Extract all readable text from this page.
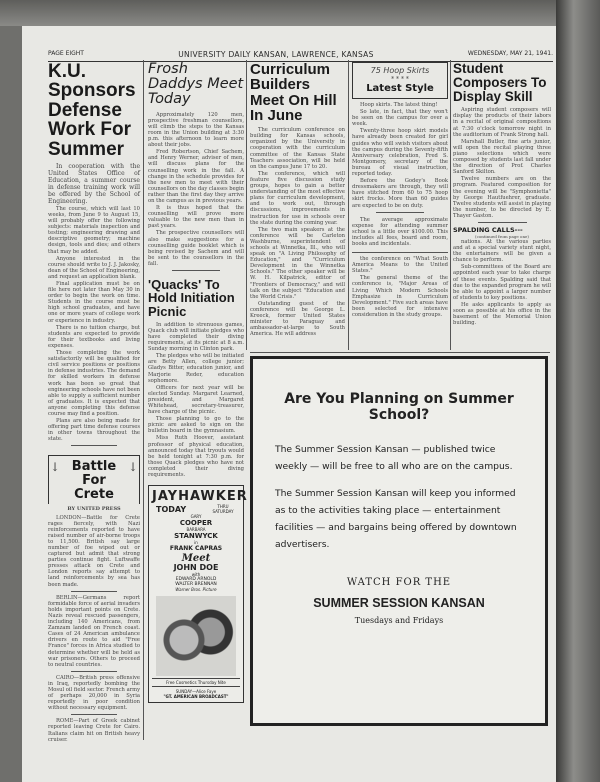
PAGE EIGHT	UNIVERSITY DAILY KANSAN, LAWRENCE, KANSAS	WEDNESDAY, MAY 21, 1941.
K.U. Sponsors Defense Work For Summer

In cooperation with the United States Office of Education, a summer course in defense training work will be offered by the School of Engineering.

The course, which will last 10 weeks, from June 9 to August 15, will probably offer the following subjects: materials inspection and testing; engineering drawing and descriptive geometry; machine design, tools and dies; and others that may be added.

Anyone interested in the course should write to J. J. Jakosky, dean of the School of Engineering, and request an application blank.

Final application must be on file here not later than May 30 in order to begin the work on time. Students in the course must be high school graduates, and have one or more years of college work or experience in industry.

There is no tuition charge, but students are expected to provide for their textbooks and living expenses.

Those completing the work satisfactorily will be qualified for civil service positions or positions in defense industries. The demand for skilled workers in defense work has been so great that engineering schools have not been able to supply a sufficient number of graduates. It is expected that anyone completing this defense course may find a position.

Plans are also being made for offering part time defense courses in other towns throughout the state.

Battle For Crete
↓	↓
BY UNITED PRESS

LONDON—Battle for Crete rages fiercely, with Nazi reinforcements reported to have raised number of air-borne troops to 11,500. British say large number of foe wiped out or captured but admit that strong parties continue fight. Luftwaffe presses attack on Crete and London reports say attempt to land reinforcements by sea has been made.

BERLIN—Germans report formidable force of aerial invaders holds important points on Crete. Nazis reveal rescued passengers, including 140 Americans, from Zamzam landed on French coast. Cases of 24 American ambulance drivers en route to aid "Free France" forces in Africa studied to determine whether will be held as war prisoners. Others to proceed to neutral countries.

CAIRO—British press offensive in Iraq, reportedly bombing the Mosul oil field sector. French army of perhaps 20,000 in Syria reportedly in poor condition without necessary equipment.

ROME—Part of Greek cabinet reported leaving Crete for Cairo. Italians claim hit on British heavy cruiser.

Frosh Daddys Meet Today

Approximately 120 men, prospective freshman counsellors, will climb the steps to the Kansas room in the Union building at 3:30 p.m. this afternoon to learn more about their jobs.

Fred Robertson, Chief Sachem, and Henry Werner, adviser of men, will discuss plans for the counselling work in the fall. A change in the schedule provides for the new men to meet with their counsellors on the day classes begin rather than the first day they arrive on the campus as in previous years.

It is thus hoped that the counselling will prove more valuable to the new men than in past years.

The prospective counsellors will also make suggestions for a counselling guide booklet which is being revised by Sachem and will be sent to the counsellors in the fall.

'Quacks' To Hold Initiation Picnic

In addition to strenuous games, Quack club will initiate pledges who have completed their diving requirements, at its picnic at 8 a.m. Sunday morning in Clinton park.

The pledges who will be initiated are Betty Allen, college junior; Gladys Bitter, education junior, and Marjorie Reder, education sophomore.

Officers for next year will be elected Sunday. Margaret Learned, president, and Margaret Whitehead, secretary-treasurer, have charge of the picnic.

Those planning to go to the picnic are asked to sign on the bulletin board in the gymnasium.

Miss Ruth Hoover, assistant professor of physical education, announced today that tryouts would be held tonight at 7:30 p.m. for those Quack pledges who have not completed their diving requirements.

JAYHAWKER
TODAY	THRU SATURDAY
GARY
COOPER
BARBARA
STANWYCK
in
FRANK CAPRAS
Meet
JOHN DOE
with
EDWARD ARNOLD
WALTER BRENNAN
Warner Bros. Picture
Free Cosmetics Thursday Nite
SUNDAY—Alice Faye
"GT. AMERICAN BROADCAST"
Curriculum Builders Meet On Hill In June

The curriculum conference on building for Kansas schools, organized by the University in cooperation with the curriculum committee of the Kansas State Teachers association, will be held on the campus June 17 to 20.

The conference, which will feature five discussion study groups, hopes to gain a better understanding of the most effective plans for curriculum development, and to work out, through discussions, improvements in instruction for use in schools over the state during the coming year.

The two main speakers at the conference will be Carleton Washburne, superintendent of schools at Winnetka, Ill., who will speak on "A Living Philosophy of Education," and "Curriculum Development in the Winnetka Schools." The other speaker will be W. H. Kilpatrick, editor of "Frontiers of Democracy," and will talk on the subject "Education and the World Crisis."

Outstanding guest of the conference will be George L. Kreeck, former United States minister to Paraguay and ambassador-at-large to South America. He will address

75 Hoop Skirts
* * * *
Latest Style

Hoop skirts. The latest thing!

So late, in fact, that they won't be seen on the campus for over a week.

Twenty-three hoop skirt models have already been created for girl guides who will swish visitors about the campus during the Seventy-fifth Anniversary celebration, Fred S. Montgomery, secretary of the bureau of visual instruction, reported today.

Before the Godey's Book dressmakers are through, they will have stitched from 60 to 75 hoop skirt frocks. More than 60 guides are expected to be on duty.

The average approximate expense for attending summer school is a little over $100.00. This includes all fees, board and room, books and incidentals.

the conference on "What South America Means to the United States."

The general theme of the conference is, "Major Areas of Living Which Modern Schools Emphasize in Curriculum Development." Five such areas have been selected for intensive consideration in the study groups.

Student Composers To Display Skill

Aspiring student composers will display the products of their labors in a recital of original compositions at 7:30 o'clock tomorrow night in the auditorium of Frank Strong hall.

Marshall Butler, fine arts junior, will open the recital playing three piano selections which were composed by students last fall under the direction of Prof. Charles Sanford Skilton.

Twelve numbers are on the program. Featured composition for the evening will be "Symphonietta" by George Hautfuehrer, graduate. Twelve students will assist in playing the number, to be directed by E. Thayer Gaston.

SPALDING CALLS---
(continued from page one)

nations. At the various parties and at a special variety stunt night, the entertainers will be given a chance to perform.

Sub-committees of the Board are appointed each year to take charge of these events. Spalding said that due to the expanded program he will be able to appoint a larger number of students to key positions.

He asks applicants to apply as soon as possible at his office in the basement of the Memorial Union building.

Are You Planning on Summer School?

The Summer Session Kansan — published twice weekly — will be free to all who are on the campus.

The Summer Session Kansan will keep you informed as to the activities taking place — entertainment facilities — and bargains being offered by downtown advertisers.

WATCH FOR THE
SUMMER SESSION KANSAN
Tuesdays and Fridays
